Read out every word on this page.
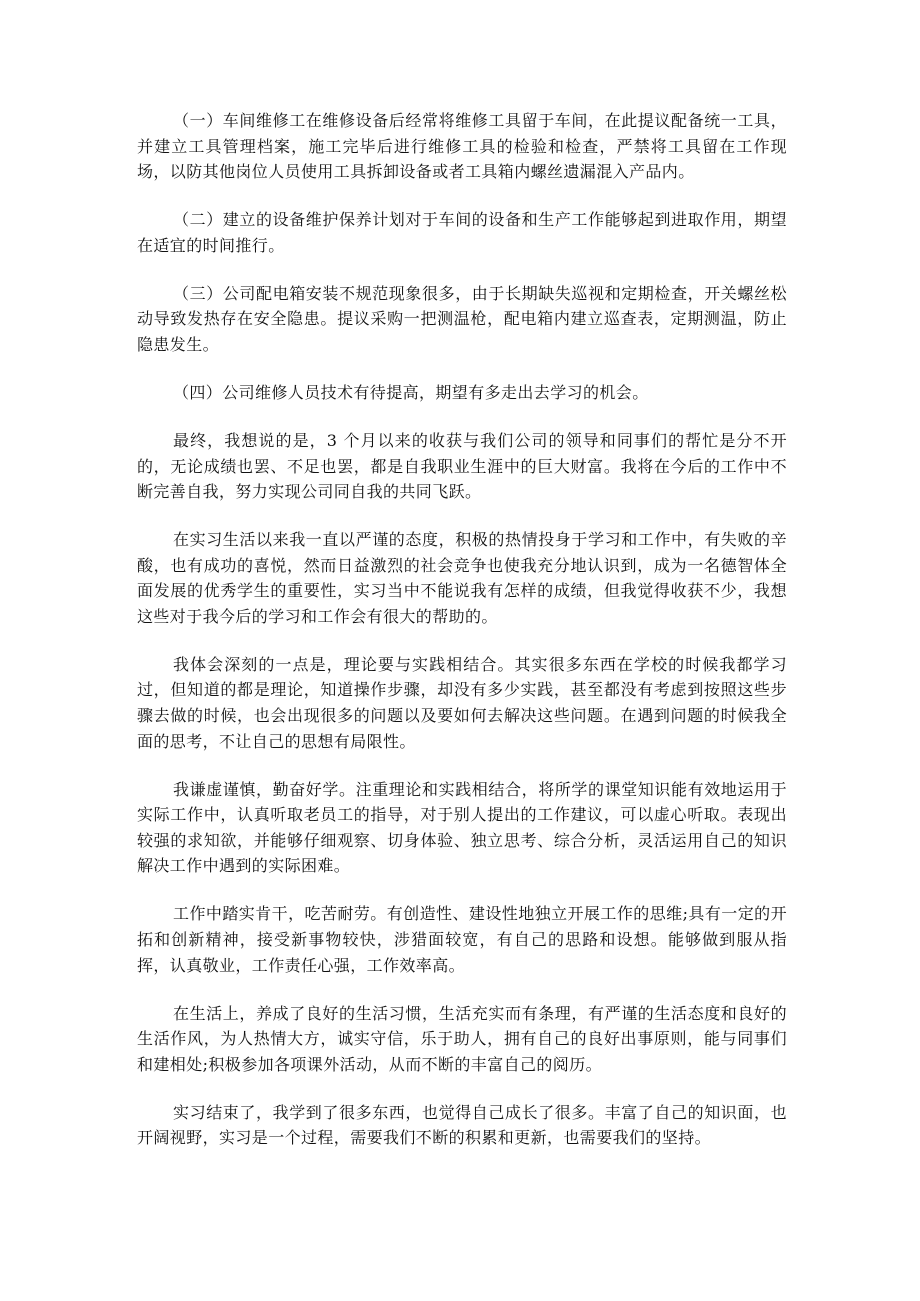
（一）车间维修工在维修设备后经常将维修工具留于车间，在此提议配备统一工具，并建立工具管理档案，施工完毕后进行维修工具的检验和检查，严禁将工具留在工作现场，以防其他岗位人员使用工具拆卸设备或者工具箱内螺丝遗漏混入产品内。

（二）建立的设备维护保养计划对于车间的设备和生产工作能够起到进取作用，期望在适宜的时间推行。

（三）公司配电箱安装不规范现象很多，由于长期缺失巡视和定期检查，开关螺丝松动导致发热存在安全隐患。提议采购一把测温枪，配电箱内建立巡查表，定期测温，防止隐患发生。

（四）公司维修人员技术有待提高，期望有多走出去学习的机会。

最终，我想说的是，3 个月以来的收获与我们公司的领导和同事们的帮忙是分不开的，无论成绩也罢、不足也罢，都是自我职业生涯中的巨大财富。我将在今后的工作中不断完善自我，努力实现公司同自我的共同飞跃。

在实习生活以来我一直以严谨的态度，积极的热情投身于学习和工作中，有失败的辛酸，也有成功的喜悦，然而日益激烈的社会竞争也使我充分地认识到，成为一名德智体全面发展的优秀学生的重要性，实习当中不能说我有怎样的成绩，但我觉得收获不少，我想这些对于我今后的学习和工作会有很大的帮助的。

我体会深刻的一点是，理论要与实践相结合。其实很多东西在学校的时候我都学习过，但知道的都是理论，知道操作步骤，却没有多少实践，甚至都没有考虑到按照这些步骤去做的时候，也会出现很多的问题以及要如何去解决这些问题。在遇到问题的时候我全面的思考，不让自己的思想有局限性。

我谦虚谨慎，勤奋好学。注重理论和实践相结合，将所学的课堂知识能有效地运用于实际工作中，认真听取老员工的指导，对于别人提出的工作建议，可以虚心听取。表现出较强的求知欲，并能够仔细观察、切身体验、独立思考、综合分析，灵活运用自己的知识解决工作中遇到的实际困难。

工作中踏实肯干，吃苦耐劳。有创造性、建设性地独立开展工作的思维;具有一定的开拓和创新精神，接受新事物较快，涉猎面较宽，有自己的思路和设想。能够做到服从指挥，认真敬业，工作责任心强，工作效率高。

在生活上，养成了良好的生活习惯，生活充实而有条理，有严谨的生活态度和良好的生活作风，为人热情大方，诚实守信，乐于助人，拥有自己的良好出事原则，能与同事们和建相处;积极参加各项课外活动，从而不断的丰富自己的阅历。

实习结束了，我学到了很多东西，也觉得自己成长了很多。丰富了自己的知识面，也开阔视野，实习是一个过程，需要我们不断的积累和更新，也需要我们的坚持。
